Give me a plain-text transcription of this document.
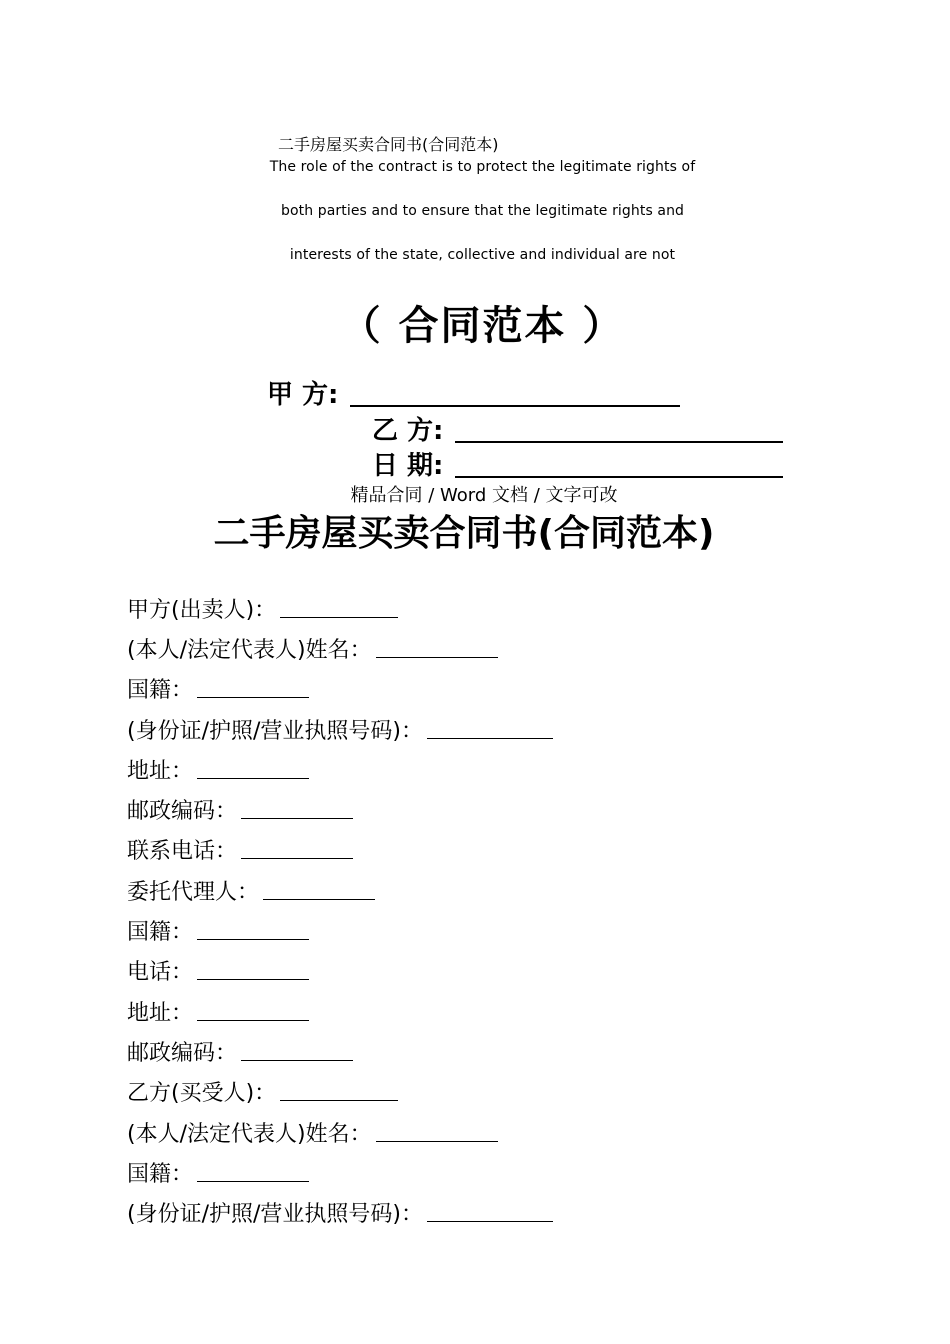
二手房屋买卖合同书(合同范本)
The role of the contract is to protect the legitimate rights of
both parties and to ensure that the legitimate rights and
interests of the state, collective and individual are not
（ 合同范本 ）
甲 方:
乙 方:
日 期:
精品合同 / Word 文档 / 文字可改
二手房屋买卖合同书(合同范本)
甲方(出卖人)：
(本人/法定代表人)姓名：
国籍：
(身份证/护照/营业执照号码)：
地址：
邮政编码：
联系电话：
委托代理人：
国籍：
电话：
地址：
邮政编码：
乙方(买受人)：
(本人/法定代表人)姓名：
国籍：
(身份证/护照/营业执照号码)：
